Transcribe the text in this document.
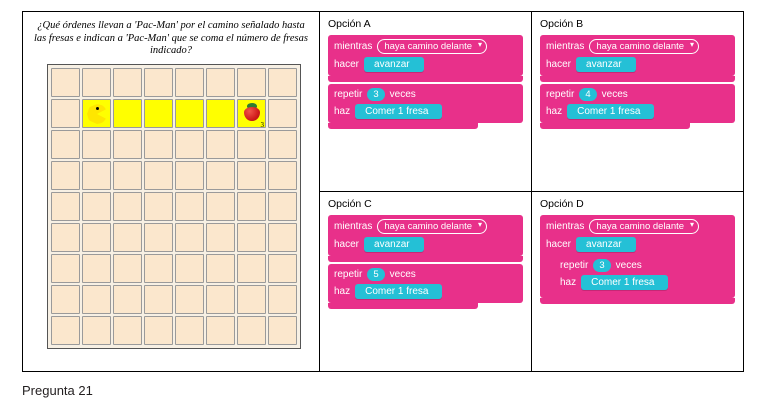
¿Qué órdenes llevan a 'Pac-Man' por el camino señalado hasta las fresas e indican a 'Pac-Man' que se coma el número de fresas indicado?
3
Opción A
mientras	haya camino delante ▾
hacer	avanzar
repetir	3	veces
haz	Comer 1 fresa
Opción B
mientras	haya camino delante ▾
hacer	avanzar
repetir	4	veces
haz	Comer 1 fresa
Opción C
mientras	haya camino delante ▾
hacer	avanzar
repetir	5	veces
haz	Comer 1 fresa
Opción D
mientras	haya camino delante ▾
hacer	avanzar
repetir	3	veces
haz	Comer 1 fresa
Pregunta 21
